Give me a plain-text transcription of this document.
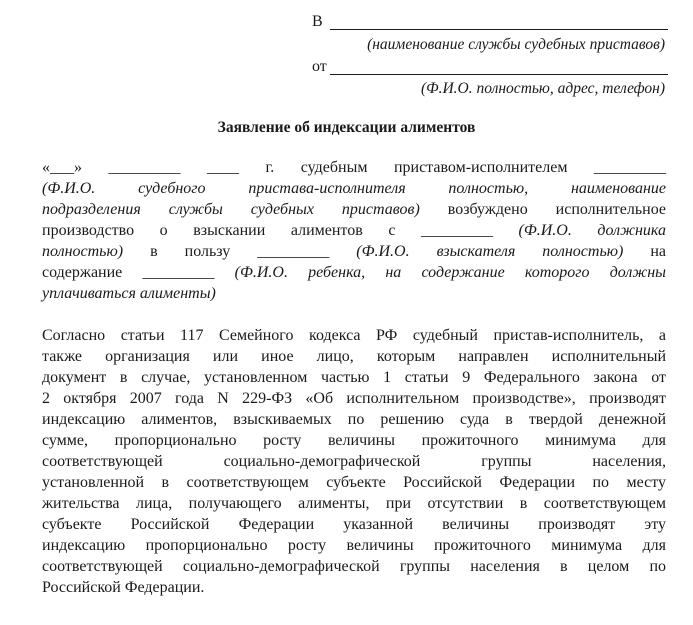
В
(наименование службы судебных приставов)
от
(Ф.И.О. полностью, адрес, телефон)
Заявление об индексации алиментов
«___» _________ ____ г. судебным приставом-исполнителем _________
(Ф.И.О. судебного пристава-исполнителя полностью, наименование
подразделения службы судебных приставов) возбуждено исполнительное
производство о взыскании алиментов с _________ (Ф.И.О. должника
полностью) в пользу _________ (Ф.И.О. взыскателя полностью) на
содержание _________ (Ф.И.О. ребенка, на содержание которого должны
уплачиваться алименты)
Согласно статьи 117 Семейного кодекса РФ судебный пристав-исполнитель, а
также организация или иное лицо, которым направлен исполнительный
документ в случае, установленном частью 1 статьи 9 Федерального закона от
2 октября 2007 года N 229-ФЗ «Об исполнительном производстве», производят
индексацию алиментов, взыскиваемых по решению суда в твердой денежной
сумме, пропорционально росту величины прожиточного минимума для
соответствующей социально-демографической группы населения,
установленной в соответствующем субъекте Российской Федерации по месту
жительства лица, получающего алименты, при отсутствии в соответствующем
субъекте Российской Федерации указанной величины производят эту
индексацию пропорционально росту величины прожиточного минимума для
соответствующей социально-демографической группы населения в целом по
Российской Федерации.
